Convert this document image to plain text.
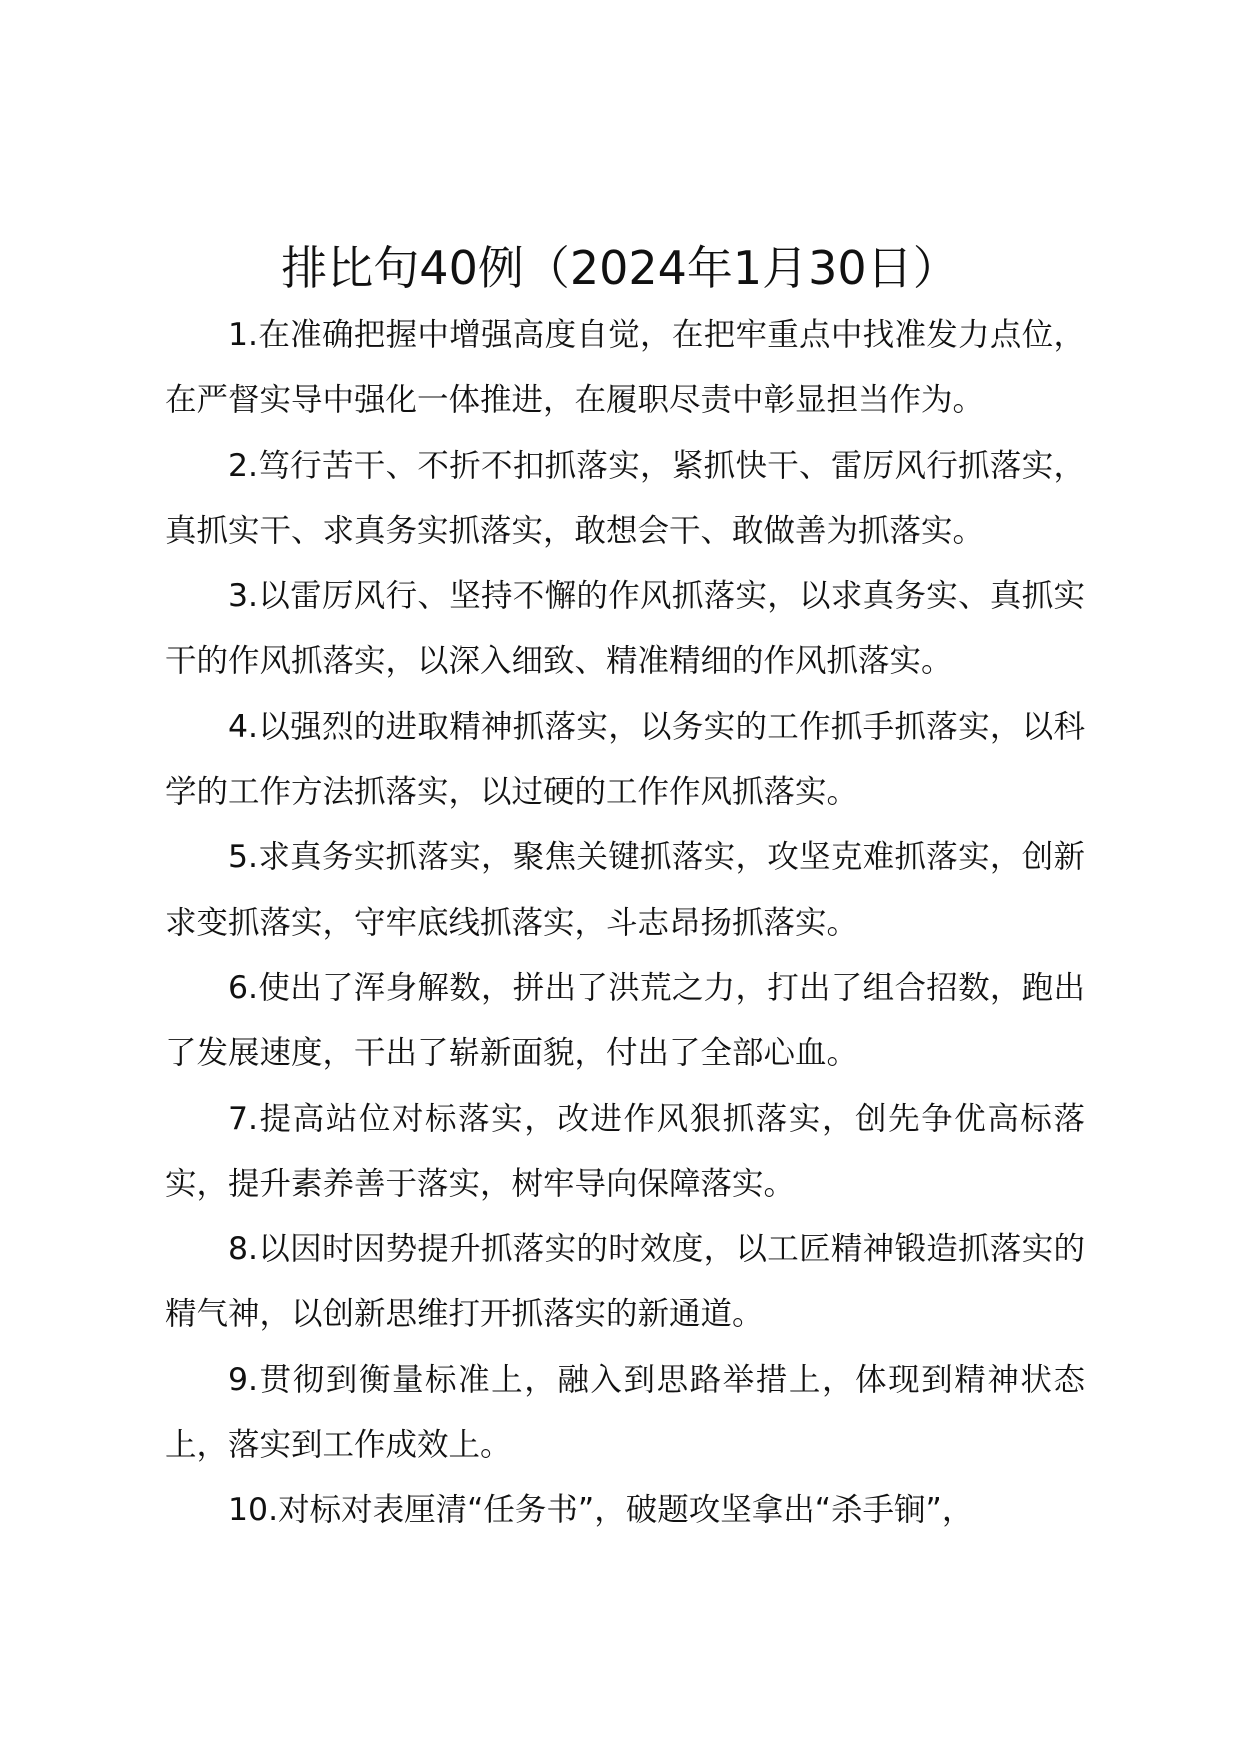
排比句40例（2024年1月30日）

1.在准确把握中增强高度自觉，在把牢重点中找准发力点位，在严督实导中强化一体推进，在履职尽责中彰显担当作为。

2.笃行苦干、不折不扣抓落实，紧抓快干、雷厉风行抓落实，真抓实干、求真务实抓落实，敢想会干、敢做善为抓落实。

3.以雷厉风行、坚持不懈的作风抓落实，以求真务实、真抓实干的作风抓落实，以深入细致、精准精细的作风抓落实。

4.以强烈的进取精神抓落实，以务实的工作抓手抓落实，以科学的工作方法抓落实，以过硬的工作作风抓落实。

5.求真务实抓落实，聚焦关键抓落实，攻坚克难抓落实，创新求变抓落实，守牢底线抓落实，斗志昂扬抓落实。

6.使出了浑身解数，拼出了洪荒之力，打出了组合招数，跑出了发展速度，干出了崭新面貌，付出了全部心血。

7.提高站位对标落实，改进作风狠抓落实，创先争优高标落实，提升素养善于落实，树牢导向保障落实。

8.以因时因势提升抓落实的时效度，以工匠精神锻造抓落实的精气神，以创新思维打开抓落实的新通道。

9.贯彻到衡量标准上，融入到思路举措上，体现到精神状态上，落实到工作成效上。

10.对标对表厘清“任务书”，破题攻坚拿出“杀手锏”，
